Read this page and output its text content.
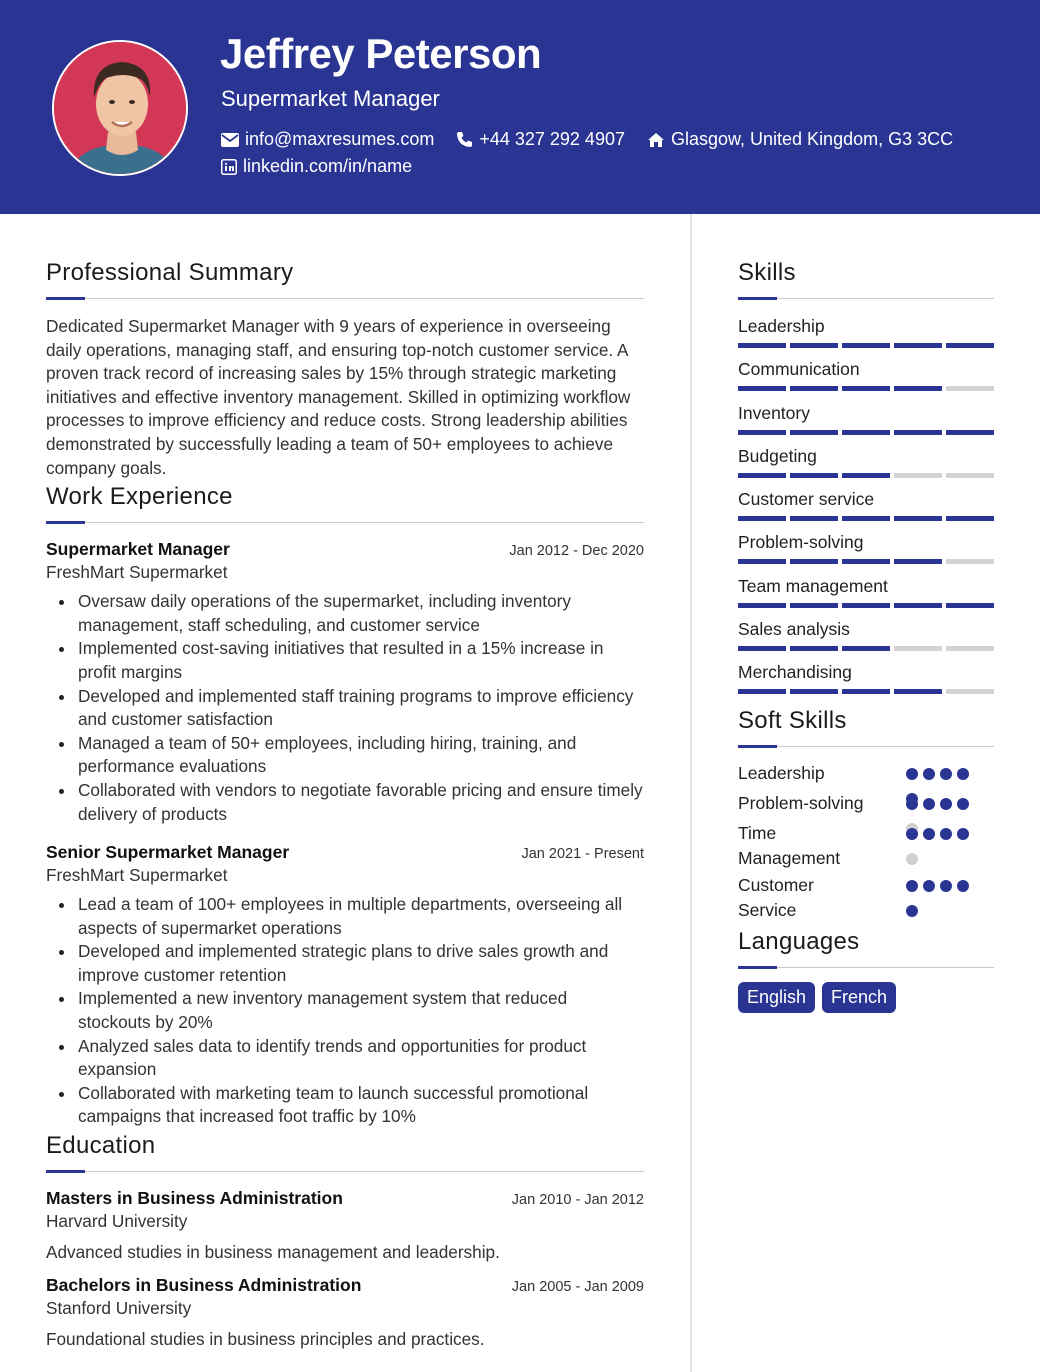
Jeffrey Peterson
Supermarket Manager
info@maxresumes.com	+44 327 292 4907	Glasgow, United Kingdom, G3 3CC
linkedin.com/in/name
Professional Summary

Dedicated Supermarket Manager with 9 years of experience in overseeing daily operations, managing staff, and ensuring top-notch customer service. A proven track record of increasing sales by 15% through strategic marketing initiatives and effective inventory management. Skilled in optimizing workflow processes to improve efficiency and reduce costs. Strong leadership abilities demonstrated by successfully leading a team of 50+ employees to achieve company goals.

Work Experience
Supermarket Manager	Jan 2012 - Dec 2020
FreshMart Supermarket
Oversaw daily operations of the supermarket, including inventory management, staff scheduling, and customer service
Implemented cost-saving initiatives that resulted in a 15% increase in profit margins
Developed and implemented staff training programs to improve efficiency and customer satisfaction
Managed a team of 50+ employees, including hiring, training, and performance evaluations
Collaborated with vendors to negotiate favorable pricing and ensure timely delivery of products
Senior Supermarket Manager	Jan 2021 - Present
FreshMart Supermarket
Lead a team of 100+ employees in multiple departments, overseeing all aspects of supermarket operations
Developed and implemented strategic plans to drive sales growth and improve customer retention
Implemented a new inventory management system that reduced stockouts by 20%
Analyzed sales data to identify trends and opportunities for product expansion
Collaborated with marketing team to launch successful promotional campaigns that increased foot traffic by 10%
Education
Masters in Business Administration	Jan 2010 - Jan 2012
Harvard University
Advanced studies in business management and leadership.
Bachelors in Business Administration	Jan 2005 - Jan 2009
Stanford University
Foundational studies in business principles and practices.
Skills
Leadership
Communication
Inventory
Budgeting
Customer service
Problem-solving
Team management
Sales analysis
Merchandising
Soft Skills
Leadership
Problem-solving
Time Management
Customer Service
Languages
English	French
